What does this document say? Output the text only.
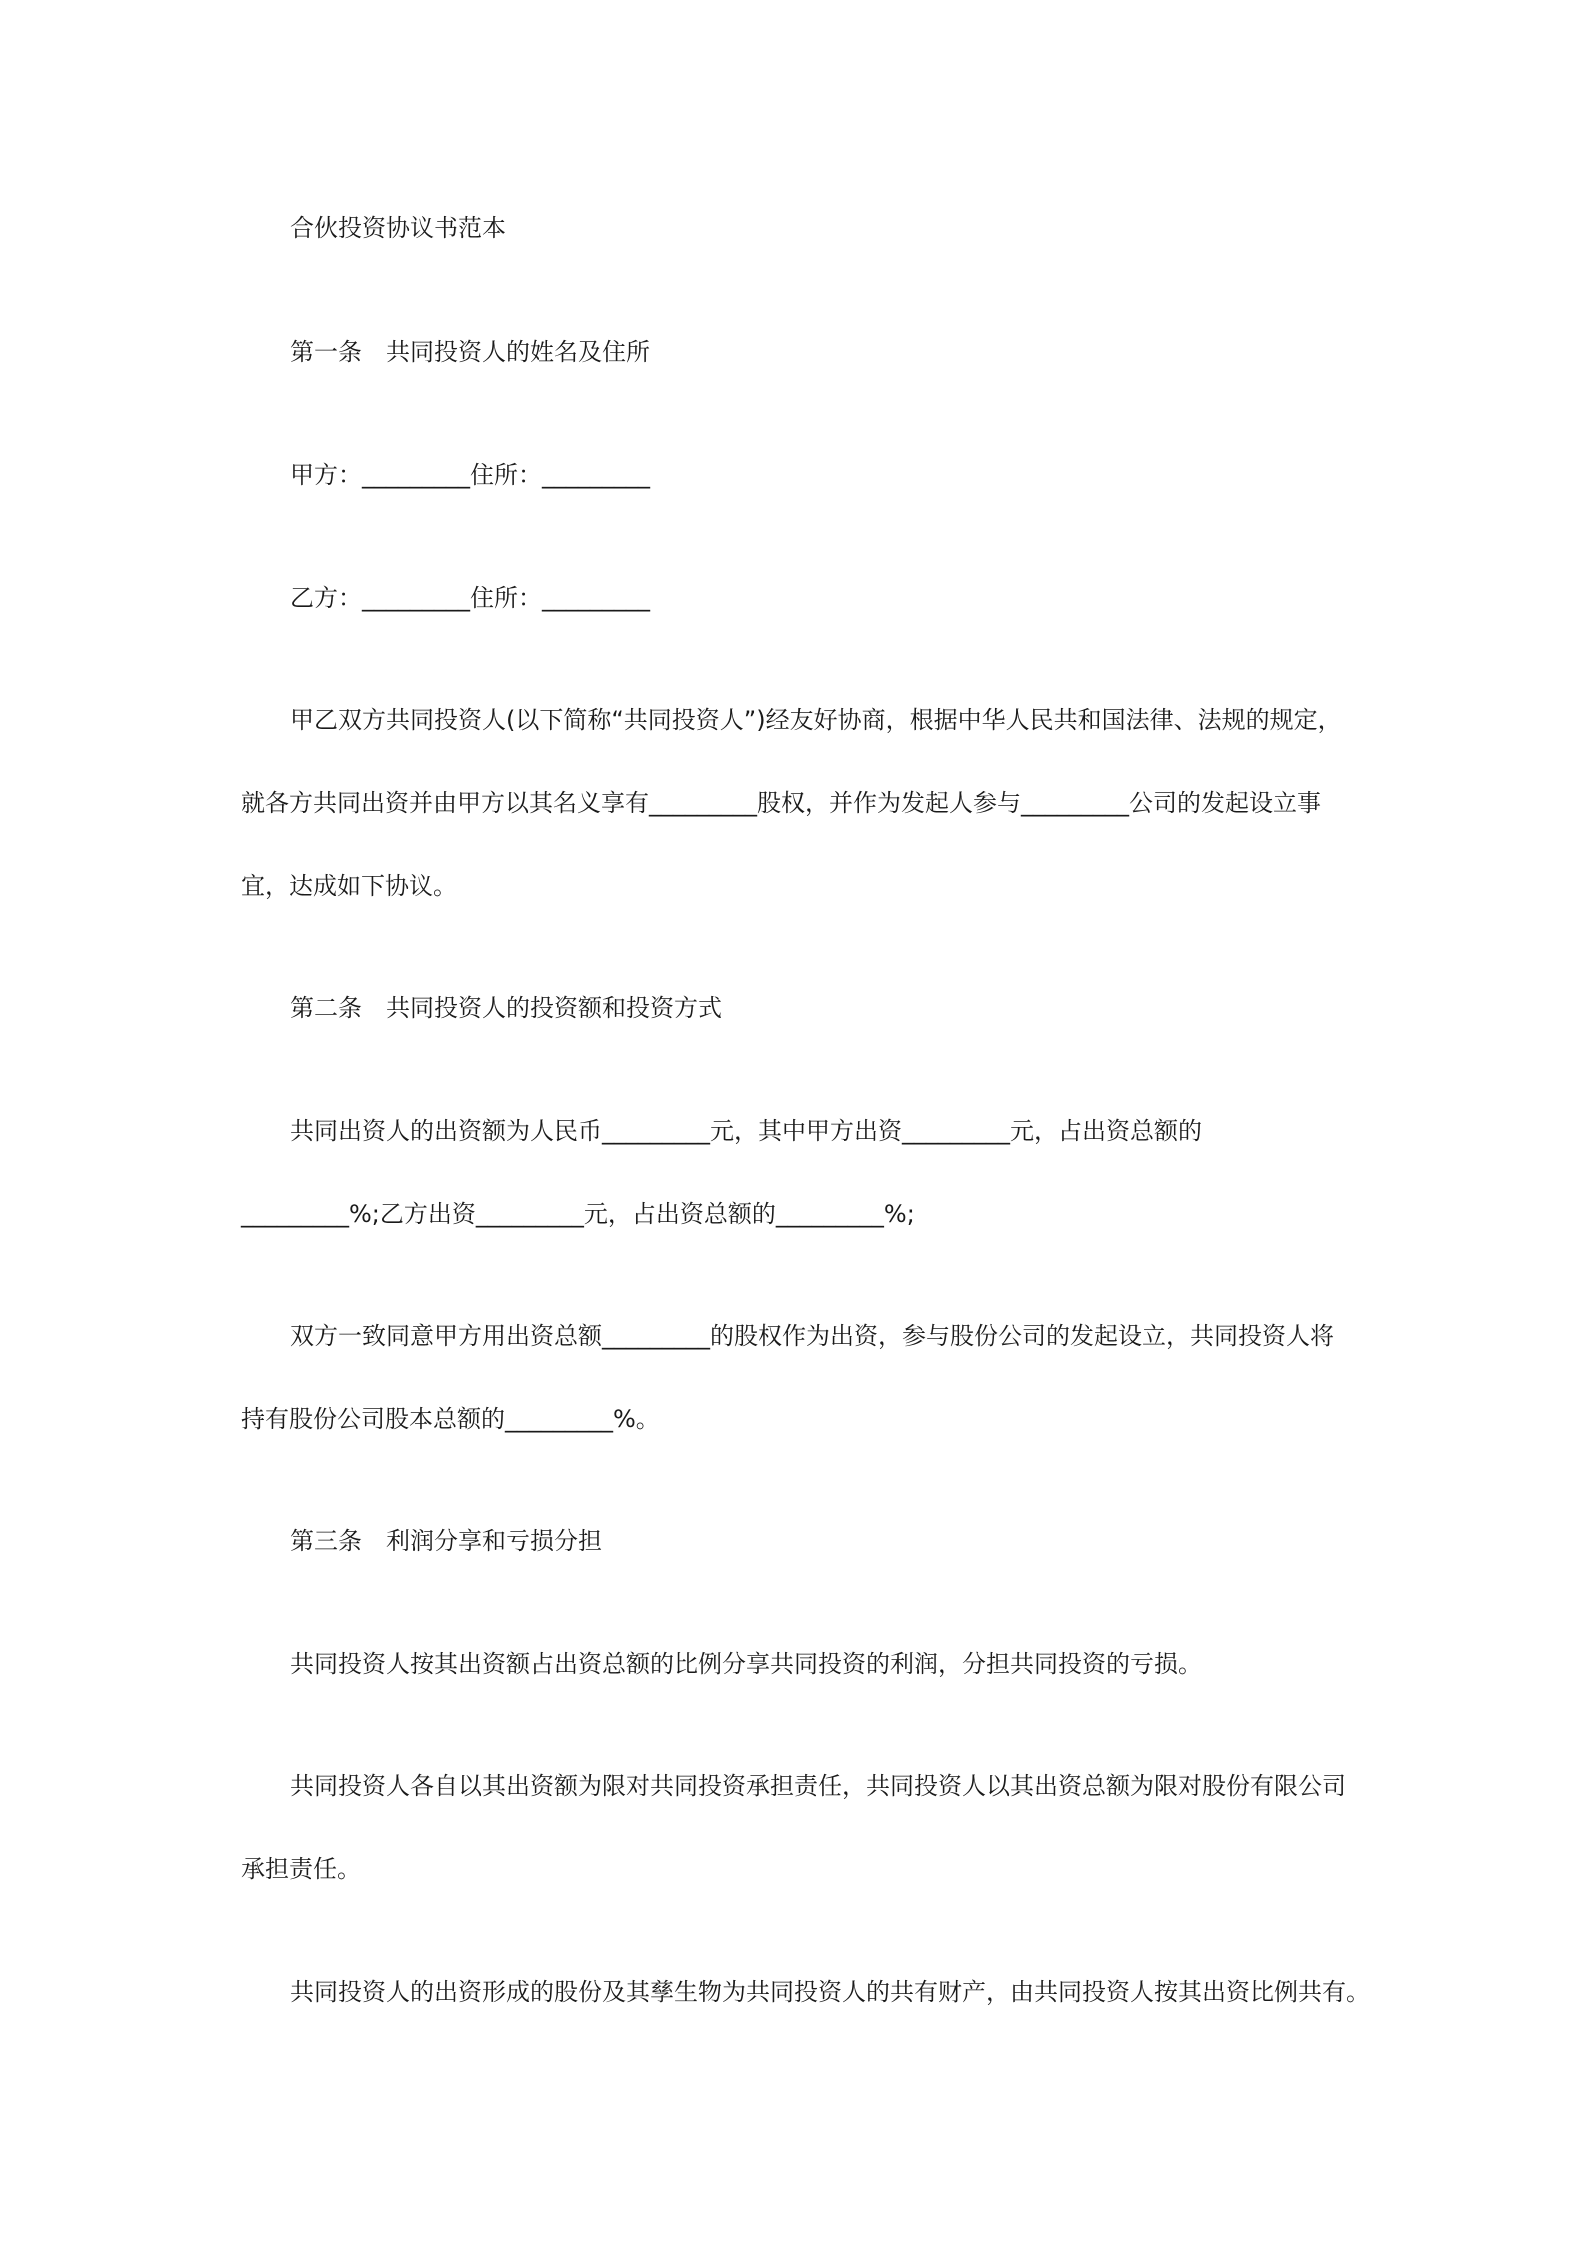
合伙投资协议书范本
第一条　共同投资人的姓名及住所
甲方：_________住所：_________
乙方：_________住所：_________
甲乙双方共同投资人(以下简称“共同投资人”)经友好协商，根据中华人民共和国法律、法规的规定，
就各方共同出资并由甲方以其名义享有_________股权，并作为发起人参与_________公司的发起设立事
宜，达成如下协议。
第二条　共同投资人的投资额和投资方式
共同出资人的出资额为人民币_________元，其中甲方出资_________元，占出资总额的
_________%;乙方出资_________元，占出资总额的_________%;
双方一致同意甲方用出资总额_________的股权作为出资，参与股份公司的发起设立，共同投资人将
持有股份公司股本总额的_________%。
第三条　利润分享和亏损分担
共同投资人按其出资额占出资总额的比例分享共同投资的利润，分担共同投资的亏损。
共同投资人各自以其出资额为限对共同投资承担责任，共同投资人以其出资总额为限对股份有限公司
承担责任。
共同投资人的出资形成的股份及其孳生物为共同投资人的共有财产，由共同投资人按其出资比例共有。
